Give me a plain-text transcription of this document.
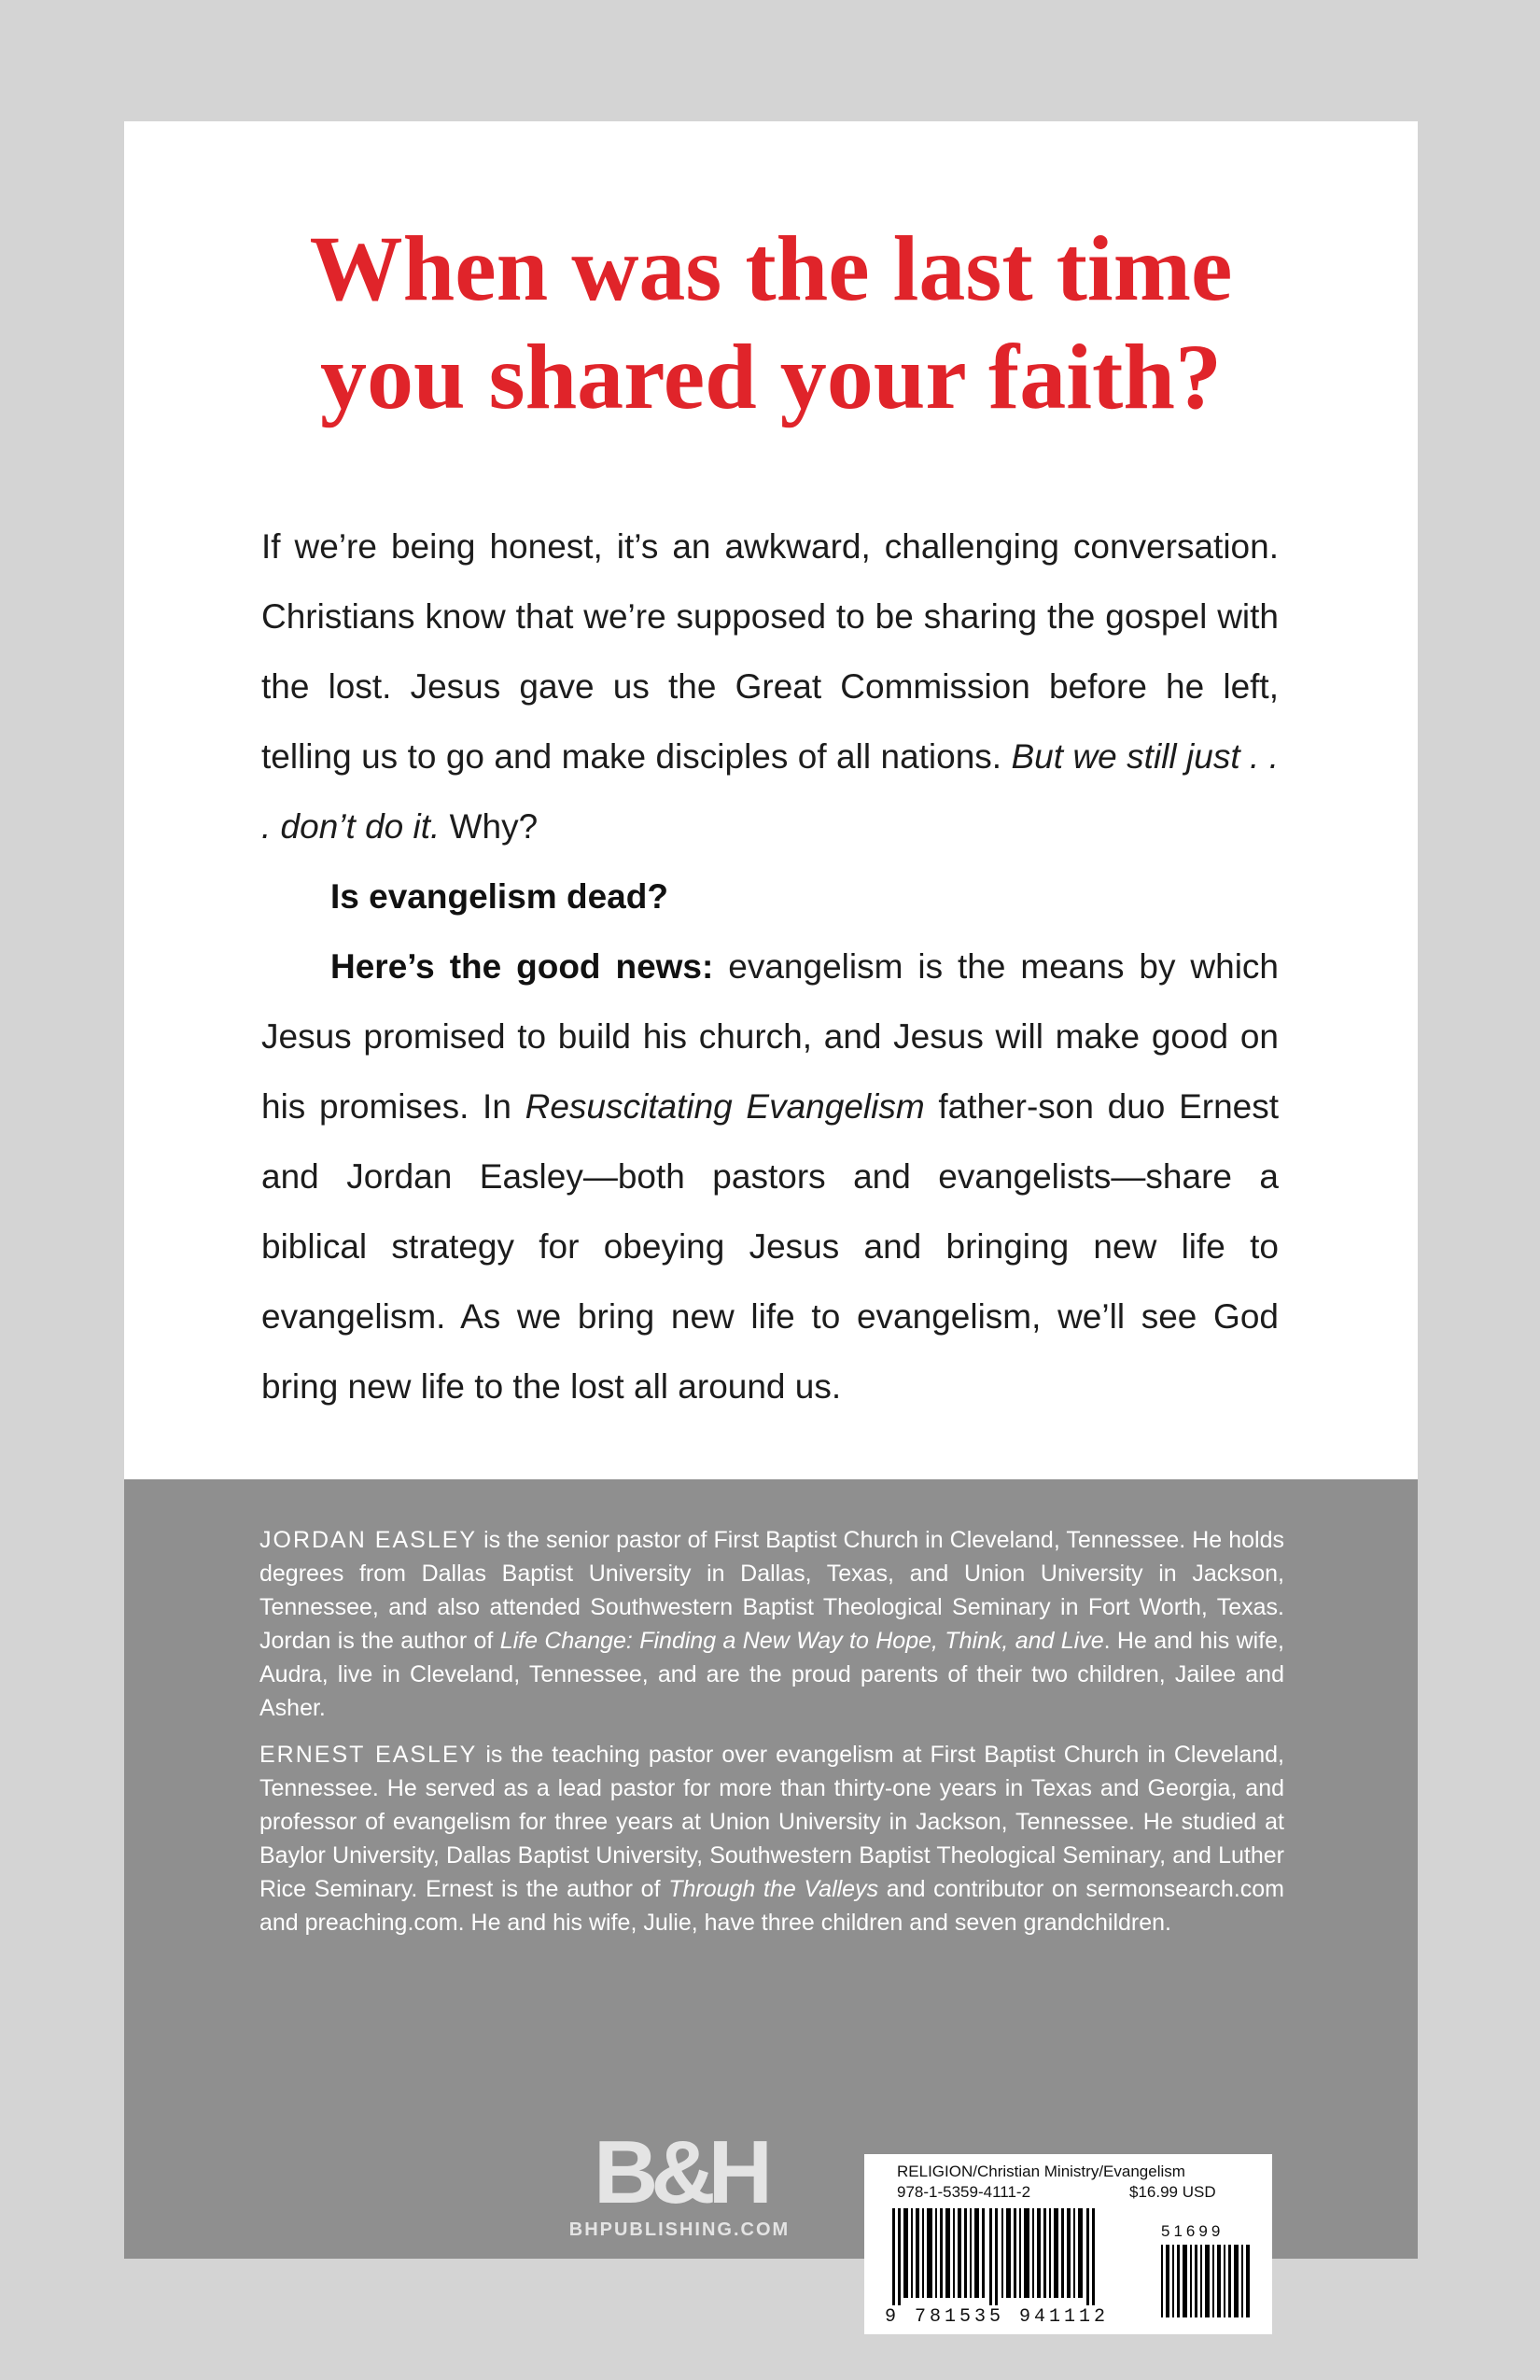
When was the last time
you shared your faith?

If we’re being honest, it’s an awkward, challenging conversation. Christians know that we’re supposed to be sharing the gospel with the lost. Jesus gave us the Great Commission before he left, telling us to go and make disciples of all nations. But we still just . . . don’t do it. Why?

Is evangelism dead?

Here’s the good news: evangelism is the means by which Jesus promised to build his church, and Jesus will make good on his promises. In Resuscitating Evangelism father-son duo Ernest and Jordan Easley—both pastors and evangelists—share a biblical strategy for obeying Jesus and bringing new life to evangelism. As we bring new life to evangelism, we’ll see God bring new life to the lost all around us.

JORDAN EASLEY is the senior pastor of First Baptist Church in Cleveland, Tennessee. He holds degrees from Dallas Baptist University in Dallas, Texas, and Union University in Jackson, Tennessee, and also attended Southwestern Baptist Theological Seminary in Fort Worth, Texas. Jordan is the author of Life Change: Finding a New Way to Hope, Think, and Live. He and his wife, Audra, live in Cleveland, Tennessee, and are the proud parents of their two children, Jailee and Asher.

ERNEST EASLEY is the teaching pastor over evangelism at First Baptist Church in Cleveland, Tennessee. He served as a lead pastor for more than thirty-one years in Texas and Georgia, and professor of evangelism for three years at Union University in Jackson, Tennessee. He studied at Baylor University, Dallas Baptist University, Southwestern Baptist Theological Seminary, and Luther Rice Seminary. Ernest is the author of Through the Valleys and contributor on sermonsearch.com and preaching.com. He and his wife, Julie, have three children and seven grandchildren.

B&H
BHPUBLISHING.COM
RELIGION/Christian Ministry/Evangelism
978-1-5359-4111-2	$16.99 USD
51699
9 781535 941112
